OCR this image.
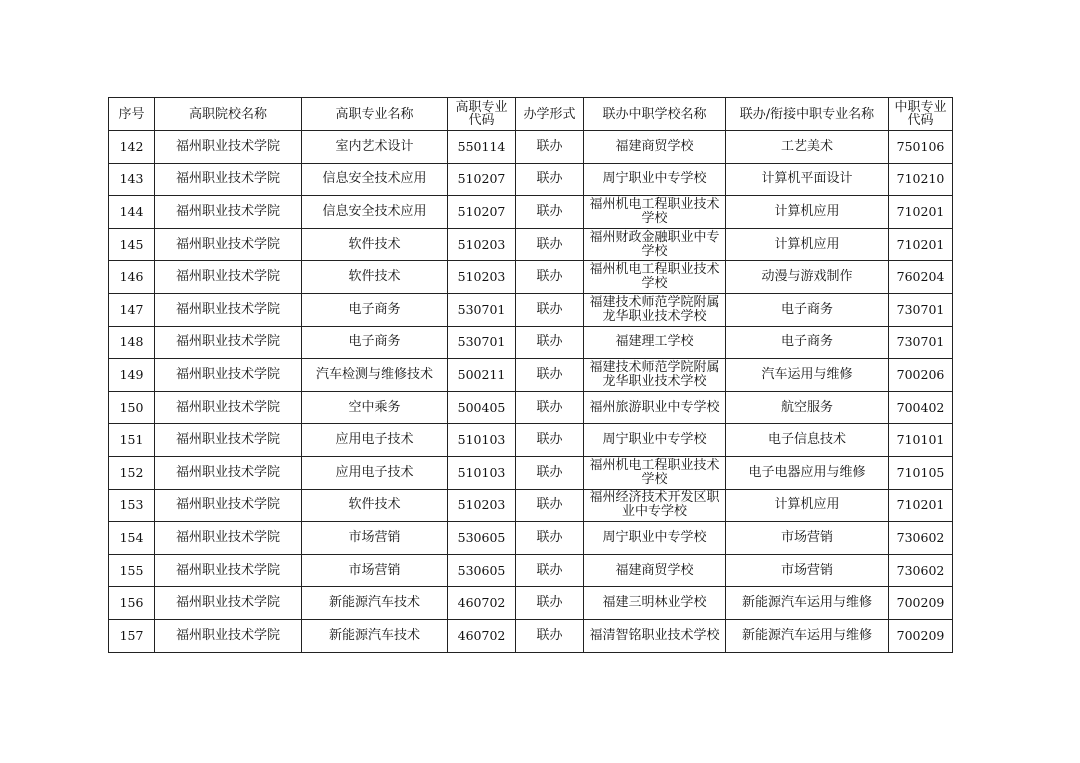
序号	高职院校名称	高职专业名称	高职专业代码	办学形式	联办中职学校名称	联办/衔接中职专业名称	中职专业代码
142	福州职业技术学院	室内艺术设计	550114	联办	福建商贸学校	工艺美术	750106
143	福州职业技术学院	信息安全技术应用	510207	联办	周宁职业中专学校	计算机平面设计	710210
144	福州职业技术学院	信息安全技术应用	510207	联办	福州机电工程职业技术学校	计算机应用	710201
145	福州职业技术学院	软件技术	510203	联办	福州财政金融职业中专学校	计算机应用	710201
146	福州职业技术学院	软件技术	510203	联办	福州机电工程职业技术学校	动漫与游戏制作	760204
147	福州职业技术学院	电子商务	530701	联办	福建技术师范学院附属龙华职业技术学校	电子商务	730701
148	福州职业技术学院	电子商务	530701	联办	福建理工学校	电子商务	730701
149	福州职业技术学院	汽车检测与维修技术	500211	联办	福建技术师范学院附属龙华职业技术学校	汽车运用与维修	700206
150	福州职业技术学院	空中乘务	500405	联办	福州旅游职业中专学校	航空服务	700402
151	福州职业技术学院	应用电子技术	510103	联办	周宁职业中专学校	电子信息技术	710101
152	福州职业技术学院	应用电子技术	510103	联办	福州机电工程职业技术学校	电子电器应用与维修	710105
153	福州职业技术学院	软件技术	510203	联办	福州经济技术开发区职业中专学校	计算机应用	710201
154	福州职业技术学院	市场营销	530605	联办	周宁职业中专学校	市场营销	730602
155	福州职业技术学院	市场营销	530605	联办	福建商贸学校	市场营销	730602
156	福州职业技术学院	新能源汽车技术	460702	联办	福建三明林业学校	新能源汽车运用与维修	700209
157	福州职业技术学院	新能源汽车技术	460702	联办	福清智铭职业技术学校	新能源汽车运用与维修	700209
